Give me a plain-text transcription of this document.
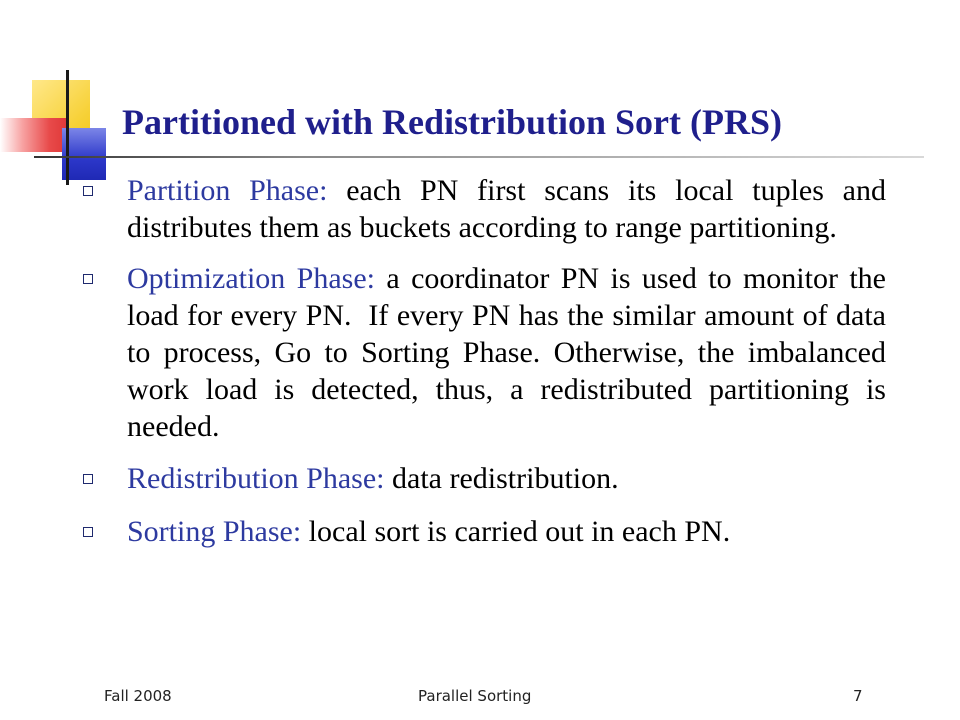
Partitioned with Redistribution Sort (PRS)
Partition Phase: each PN first scans its local tuples and distributes them as buckets according to range partitioning.
Optimization Phase: a coordinator PN is used to monitor the load for every PN.  If every PN has the similar amount of data to process, Go to Sorting Phase. Otherwise, the imbalanced work load is detected, thus, a redistributed partitioning is needed.
Redistribution Phase: data redistribution.
Sorting Phase: local sort is carried out in each PN.
Fall 2008	Parallel Sorting	7
